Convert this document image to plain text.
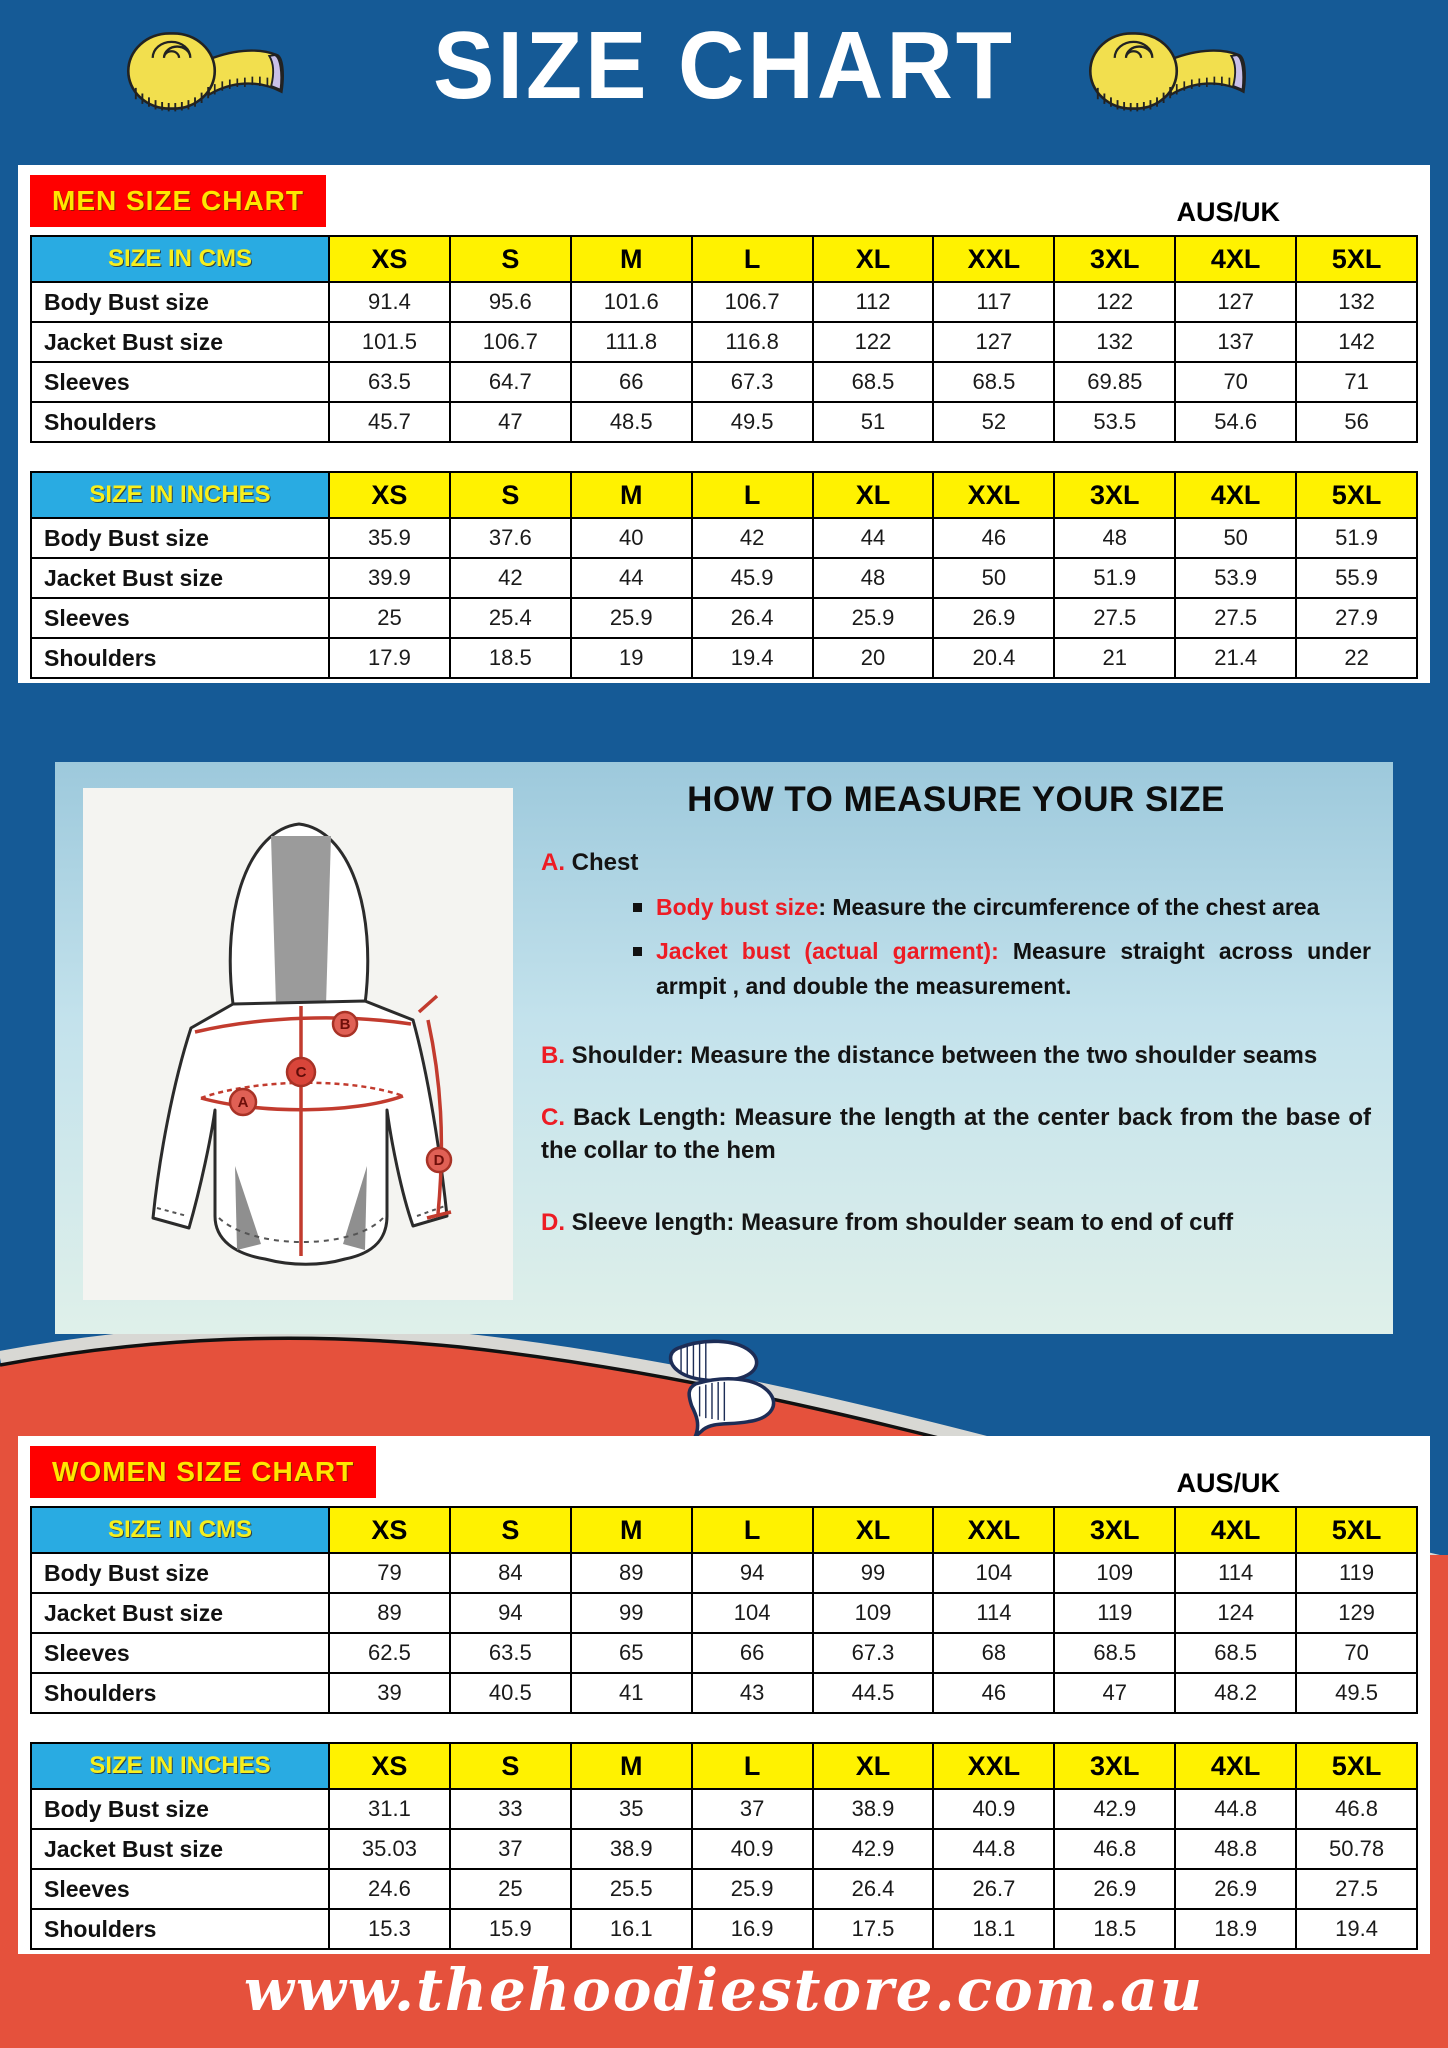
SIZE CHART
MEN SIZE CHART	AUS/UK
SIZE IN CMS	XS	S	M	L	XL	XXL	3XL	4XL	5XL
Body Bust size	91.4	95.6	101.6	106.7	112	117	122	127	132
Jacket Bust size	101.5	106.7	111.8	116.8	122	127	132	137	142
Sleeves	63.5	64.7	66	67.3	68.5	68.5	69.85	70	71
Shoulders	45.7	47	48.5	49.5	51	52	53.5	54.6	56
SIZE IN INCHES	XS	S	M	L	XL	XXL	3XL	4XL	5XL
Body Bust size	35.9	37.6	40	42	44	46	48	50	51.9
Jacket Bust size	39.9	42	44	45.9	48	50	51.9	53.9	55.9
Sleeves	25	25.4	25.9	26.4	25.9	26.9	27.5	27.5	27.9
Shoulders	17.9	18.5	19	19.4	20	20.4	21	21.4	22
A
B
C
D
HOW TO MEASURE YOUR SIZE

A. Chest

Body bust size: Measure the circumference of the chest area

Jacket bust (actual garment): Measure straight across under armpit , and double the measurement.

B. Shoulder: Measure the distance between the two shoulder seams

C. Back Length: Measure the length at the center back from the base of the collar to the hem

D. Sleeve length: Measure from shoulder seam to end of cuff

WOMEN SIZE CHART	AUS/UK
SIZE IN CMS	XS	S	M	L	XL	XXL	3XL	4XL	5XL
Body Bust size	79	84	89	94	99	104	109	114	119
Jacket Bust size	89	94	99	104	109	114	119	124	129
Sleeves	62.5	63.5	65	66	67.3	68	68.5	68.5	70
Shoulders	39	40.5	41	43	44.5	46	47	48.2	49.5
SIZE IN INCHES	XS	S	M	L	XL	XXL	3XL	4XL	5XL
Body Bust size	31.1	33	35	37	38.9	40.9	42.9	44.8	46.8
Jacket Bust size	35.03	37	38.9	40.9	42.9	44.8	46.8	48.8	50.78
Sleeves	24.6	25	25.5	25.9	26.4	26.7	26.9	26.9	27.5
Shoulders	15.3	15.9	16.1	16.9	17.5	18.1	18.5	18.9	19.4
www.thehoodiestore.com.au
